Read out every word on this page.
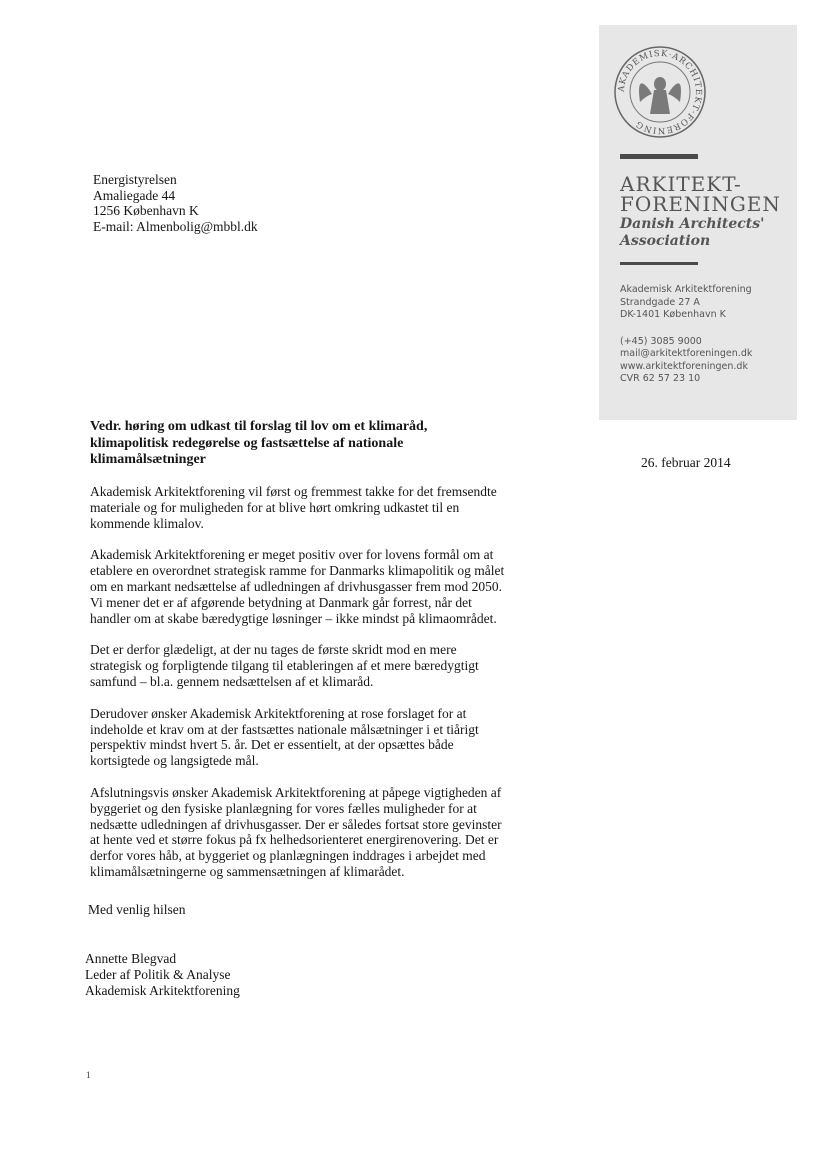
AKADEMISK·ARCHITEKT·FORENING
ARKITEKT-
FORENINGEN
Danish Architects'
Association
Akademisk Arkitektforening
Strandgade 27 A
DK-1401 København K
(+45) 3085 9000
mail@arkitektforeningen.dk
www.arkitektforeningen.dk
CVR 62 57 23 10
Energistyrelsen
Amaliegade 44
1256 København K
E-mail: Almenbolig@mbbl.dk
Vedr. høring om udkast til forslag til lov om et klimaråd,
klimapolitisk redegørelse og fastsættelse af nationale
klimamålsætninger	26. februar 2014
Akademisk Arkitektforening vil først og fremmest takke for det fremsendte
materiale og for muligheden for at blive hørt omkring udkastet til en
kommende klimalov.
Akademisk Arkitektforening er meget positiv over for lovens formål om at
etablere en overordnet strategisk ramme for Danmarks klimapolitik og målet
om en markant nedsættelse af udledningen af drivhusgasser frem mod 2050.
Vi mener det er af afgørende betydning at Danmark går forrest, når det
handler om at skabe bæredygtige løsninger – ikke mindst på klimaområdet.
Det er derfor glædeligt, at der nu tages de første skridt mod en mere
strategisk og forpligtende tilgang til etableringen af et mere bæredygtigt
samfund – bl.a. gennem nedsættelsen af et klimaråd.
Derudover ønsker Akademisk Arkitektforening at rose forslaget for at
indeholde et krav om at der fastsættes nationale målsætninger i et tiårigt
perspektiv mindst hvert 5. år. Det er essentielt, at der opsættes både
kortsigtede og langsigtede mål.
Afslutningsvis ønsker Akademisk Arkitektforening at påpege vigtigheden af
byggeriet og den fysiske planlægning for vores fælles muligheder for at
nedsætte udledningen af drivhusgasser. Der er således fortsat store gevinster
at hente ved et større fokus på fx helhedsorienteret energirenovering. Det er
derfor vores håb, at byggeriet og planlægningen inddrages i arbejdet med
klimamålsætningerne og sammensætningen af klimarådet.
Med venlig hilsen
Annette Blegvad
Leder af Politik & Analyse
Akademisk Arkitektforening
1
